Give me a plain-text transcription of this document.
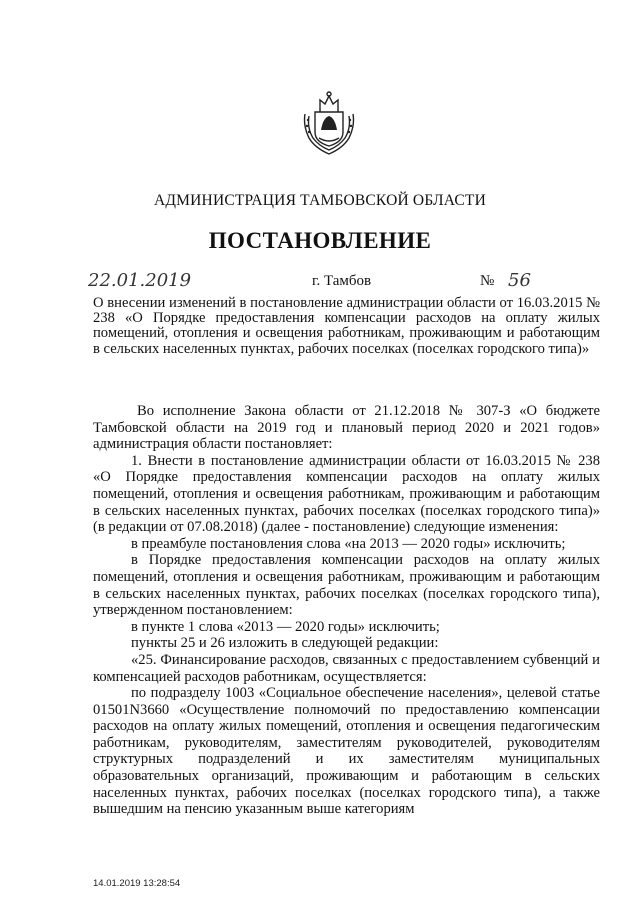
АДМИНИСТРАЦИЯ ТАМБОВСКОЙ ОБЛАСТИ
ПОСТАНОВЛЕНИЕ
22.01.2019	г. Тамбов	№ 56
О внесении изменений в постановление администрации области от 16.03.2015 № 238 «О Порядке предоставления компенсации расходов на оплату жилых помещений, отопления и освещения работникам, проживающим и работающим в сельских населенных пунктах, рабочих поселках (поселках городского типа)»

Во исполнение Закона области от 21.12.2018 № 307-З «О бюджете Тамбовской области на 2019 год и плановый период 2020 и 2021 годов» администрация области постановляет:

1. Внести в постановление администрации области от 16.03.2015 № 238 «О Порядке предоставления компенсации расходов на оплату жилых помещений, отопления и освещения работникам, проживающим и работающим в сельских населенных пунктах, рабочих поселках (поселках городского типа)» (в редакции от 07.08.2018) (далее - постановление) следующие изменения:

в преамбуле постановления слова «на 2013 — 2020 годы» исключить;

в Порядке предоставления компенсации расходов на оплату жилых помещений, отопления и освещения работникам, проживающим и работающим в сельских населенных пунктах, рабочих поселках (поселках городского типа), утвержденном постановлением:

в пункте 1 слова «2013 — 2020 годы» исключить;

пункты 25 и 26 изложить в следующей редакции:

«25. Финансирование расходов, связанных с предоставлением субвенций и компенсацией расходов работникам, осуществляется:

по подразделу 1003 «Социальное обеспечение населения», целевой статье 01501N3660 «Осуществление полномочий по предоставлению компенсации расходов на оплату жилых помещений, отопления и освещения педагогическим работникам, руководителям, заместителям руководителей, руководителям структурных подразделений и их заместителям муниципальных образовательных организаций, проживающим и работающим в сельских населенных пунктах, рабочих поселках (поселках городского типа), а также вышедшим на пенсию указанным выше категориям

14.01.2019 13:28:54
